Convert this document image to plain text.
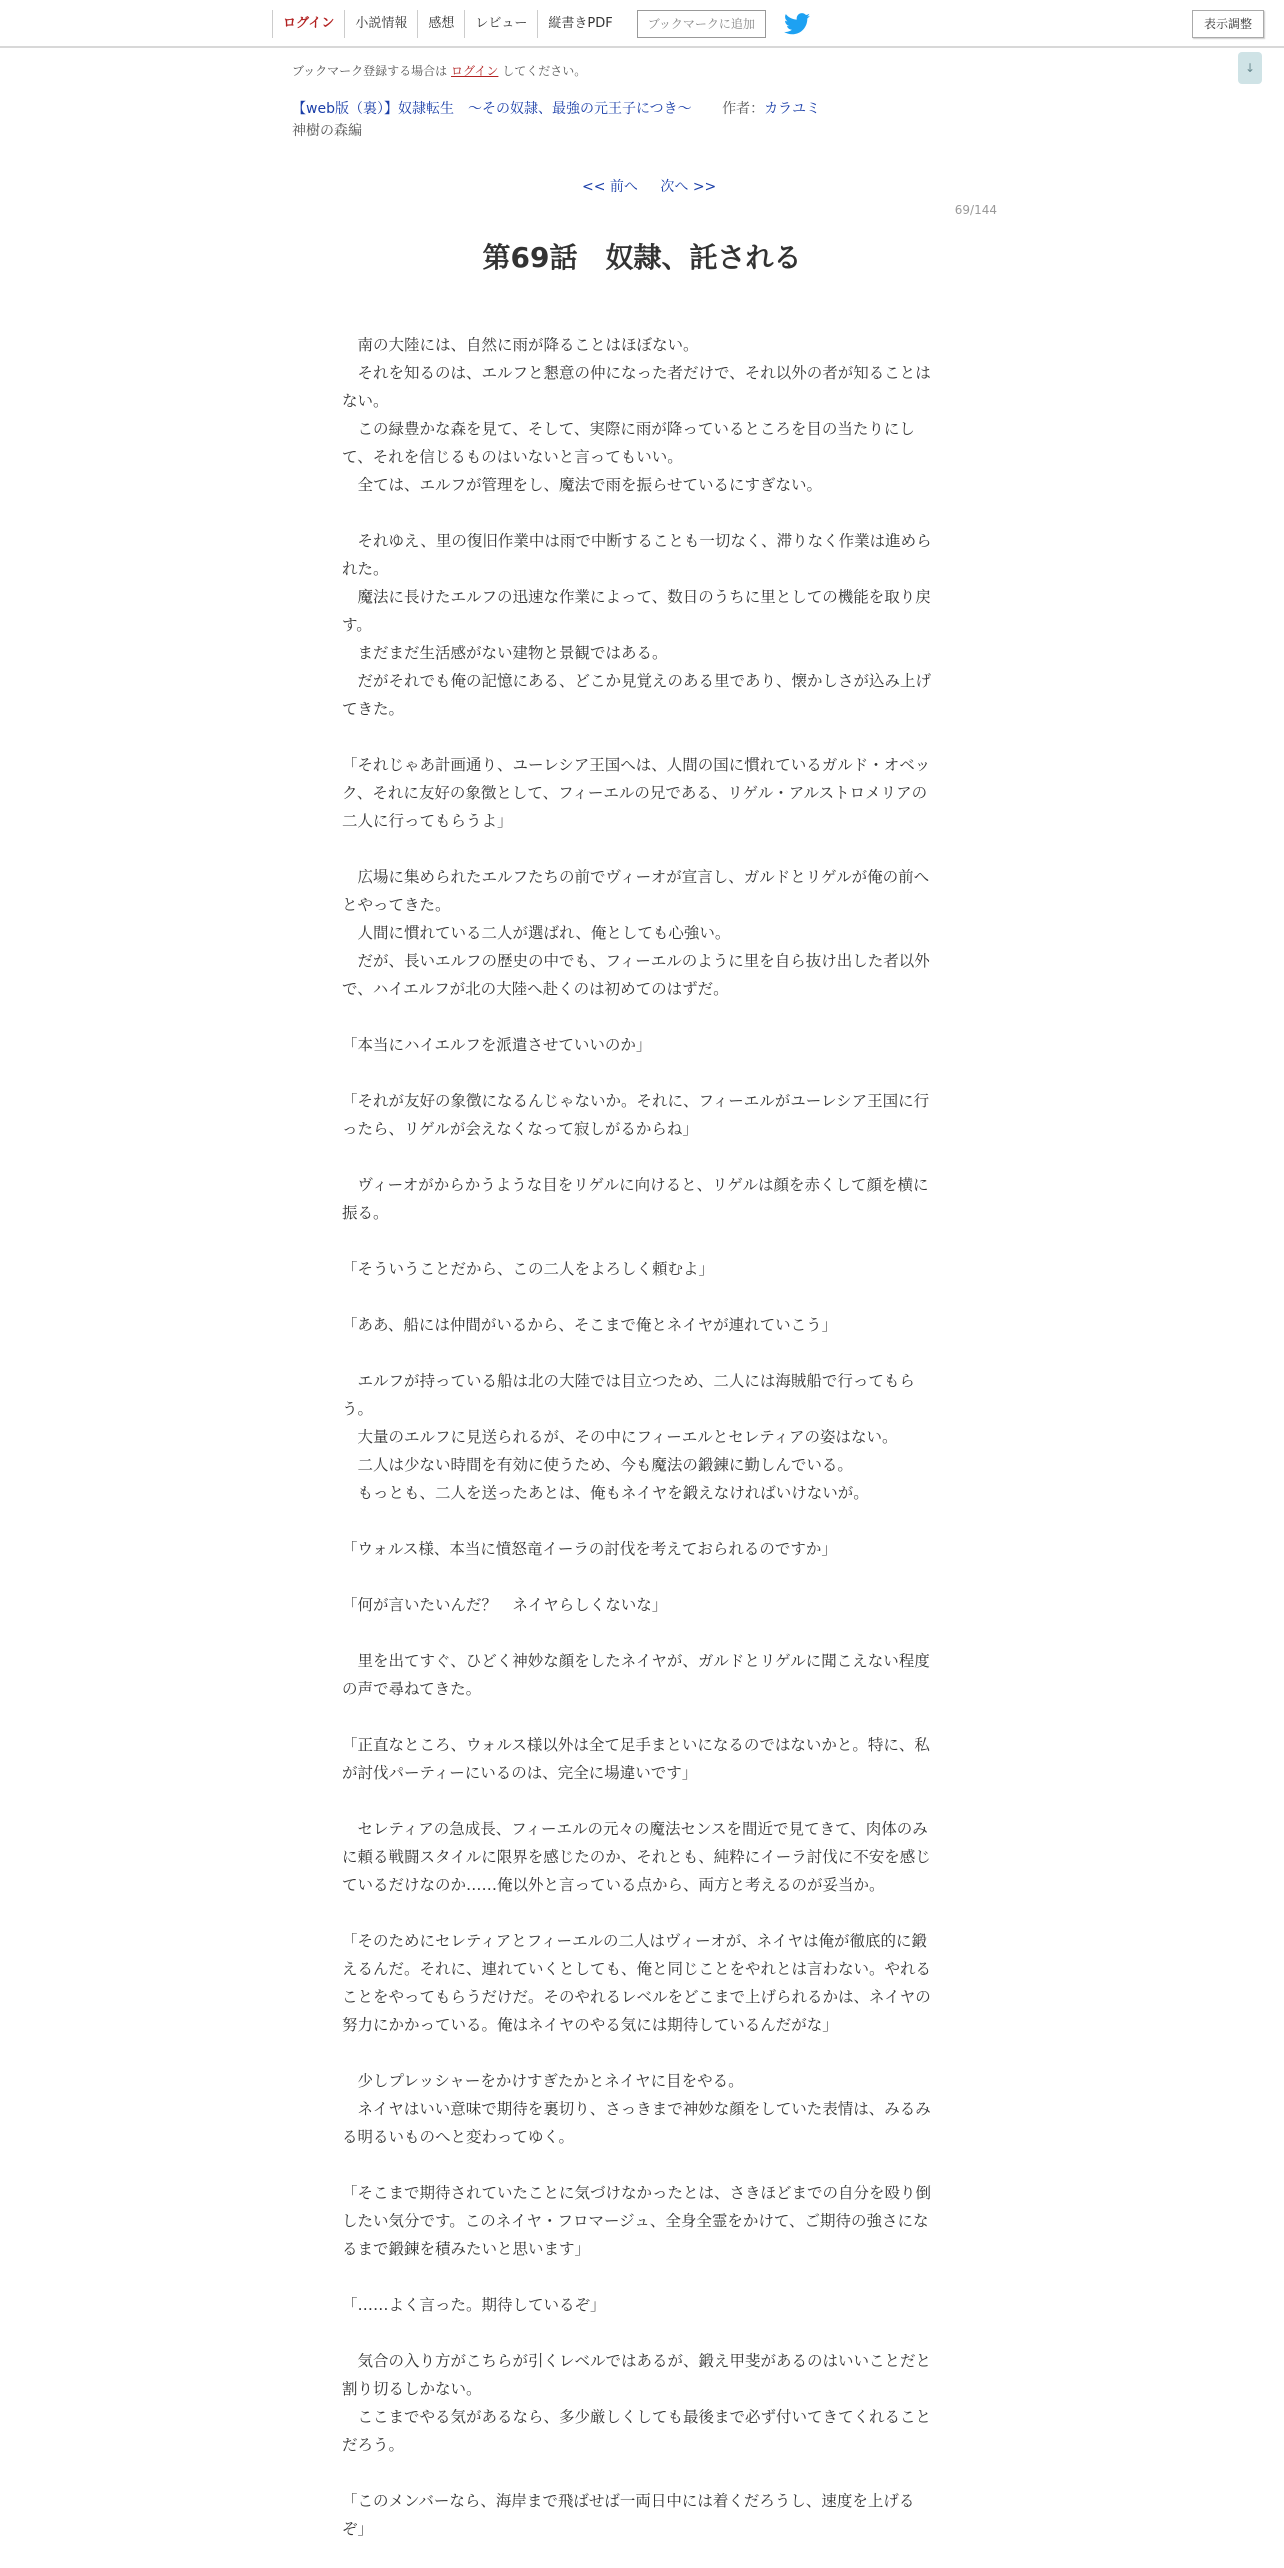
ログイン	小説情報	感想	レビュー	縦書きPDF	ブックマークに追加	表示調整
↓
ブックマーク登録する場合は ログイン してください。
【web版（裏）】奴隷転生　～その奴隷、最強の元王子につき～ 作者：カラユミ
神樹の森編
<< 前へ 次へ >>
69/144
第69話　奴隷、託される

　南の大陸には、自然に雨が降ることはほぼない。

　それを知るのは、エルフと懇意の仲になった者だけで、それ以外の者が知ることはない。

　この緑豊かな森を見て、そして、実際に雨が降っているところを目の当たりにして、それを信じるものはいないと言ってもいい。

　全ては、エルフが管理をし、魔法で雨を振らせているにすぎない。

　それゆえ、里の復旧作業中は雨で中断することも一切なく、滞りなく作業は進められた。

　魔法に長けたエルフの迅速な作業によって、数日のうちに里としての機能を取り戻す。

　まだまだ生活感がない建物と景観ではある。

　だがそれでも俺の記憶にある、どこか見覚えのある里であり、懐かしさが込み上げてきた。

「それじゃあ計画通り、ユーレシア王国へは、人間の国に慣れているガルド・オベック、それに友好の象徴として、フィーエルの兄である、リゲル・アルストロメリアの二人に行ってもらうよ」

　広場に集められたエルフたちの前でヴィーオが宣言し、ガルドとリゲルが俺の前へとやってきた。

　人間に慣れている二人が選ばれ、俺としても心強い。

　だが、長いエルフの歴史の中でも、フィーエルのように里を自ら抜け出した者以外で、ハイエルフが北の大陸へ赴くのは初めてのはずだ。

「本当にハイエルフを派遣させていいのか」

「それが友好の象徴になるんじゃないか。それに、フィーエルがユーレシア王国に行ったら、リゲルが会えなくなって寂しがるからね」

　ヴィーオがからかうような目をリゲルに向けると、リゲルは顔を赤くして顔を横に振る。

「そういうことだから、この二人をよろしく頼むよ」

「ああ、船には仲間がいるから、そこまで俺とネイヤが連れていこう」

　エルフが持っている船は北の大陸では目立つため、二人には海賊船で行ってもらう。

　大量のエルフに見送られるが、その中にフィーエルとセレティアの姿はない。

　二人は少ない時間を有効に使うため、今も魔法の鍛錬に勤しんでいる。

　もっとも、二人を送ったあとは、俺もネイヤを鍛えなければいけないが。

「ウォルス様、本当に憤怒竜イーラの討伐を考えておられるのですか」

「何が言いたいんだ？　ネイヤらしくないな」

　里を出てすぐ、ひどく神妙な顔をしたネイヤが、ガルドとリゲルに聞こえない程度の声で尋ねてきた。

「正直なところ、ウォルス様以外は全て足手まといになるのではないかと。特に、私が討伐パーティーにいるのは、完全に場違いです」

　セレティアの急成長、フィーエルの元々の魔法センスを間近で見てきて、肉体のみに頼る戦闘スタイルに限界を感じたのか、それとも、純粋にイーラ討伐に不安を感じているだけなのか……俺以外と言っている点から、両方と考えるのが妥当か。

「そのためにセレティアとフィーエルの二人はヴィーオが、ネイヤは俺が徹底的に鍛えるんだ。それに、連れていくとしても、俺と同じことをやれとは言わない。やれることをやってもらうだけだ。そのやれるレベルをどこまで上げられるかは、ネイヤの努力にかかっている。俺はネイヤのやる気には期待しているんだがな」

　少しプレッシャーをかけすぎたかとネイヤに目をやる。

　ネイヤはいい意味で期待を裏切り、さっきまで神妙な顔をしていた表情は、みるみる明るいものへと変わってゆく。

「そこまで期待されていたことに気づけなかったとは、さきほどまでの自分を殴り倒したい気分です。このネイヤ・フロマージュ、全身全霊をかけて、ご期待の強さになるまで鍛錬を積みたいと思います」

「……よく言った。期待しているぞ」

　気合の入り方がこちらが引くレベルではあるが、鍛え甲斐があるのはいいことだと割り切るしかない。

　ここまでやる気があるなら、多少厳しくしても最後まで必ず付いてきてくれることだろう。

「このメンバーなら、海岸まで飛ばせば一両日中には着くだろうし、速度を上げるぞ」
